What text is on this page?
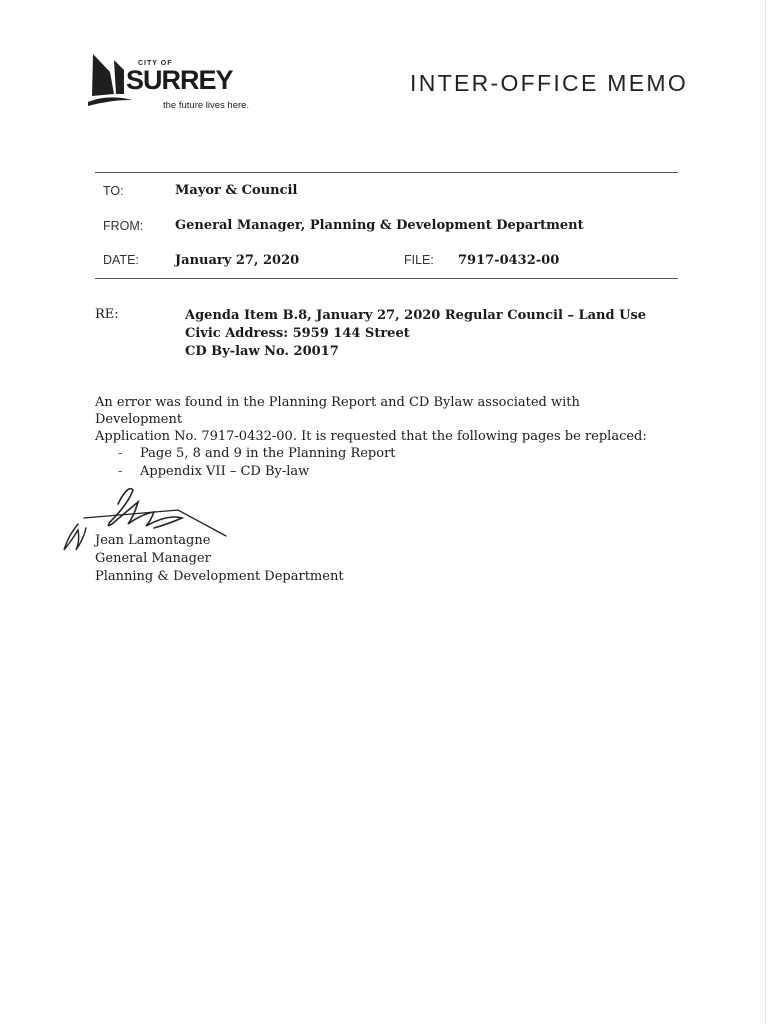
CITY OF
SURREY
the future lives here.
INTER-OFFICE MEMO
TO:	Mayor & Council
FROM: General Manager, Planning & Development Department
DATE:	January 27, 2020	FILE: 7917-0432-00
RE:	Agenda Item B.8, January 27, 2020 Regular Council – Land Use
Civic Address: 5959 144 Street
CD By-law No. 20017
An error was found in the Planning Report and CD Bylaw associated with Development
Application No. 7917-0432-00. It is requested that the following pages be replaced:
- Page 5, 8 and 9 in the Planning Report
- Appendix VII – CD By-law
Jean Lamontagne
General Manager
Planning & Development Department
